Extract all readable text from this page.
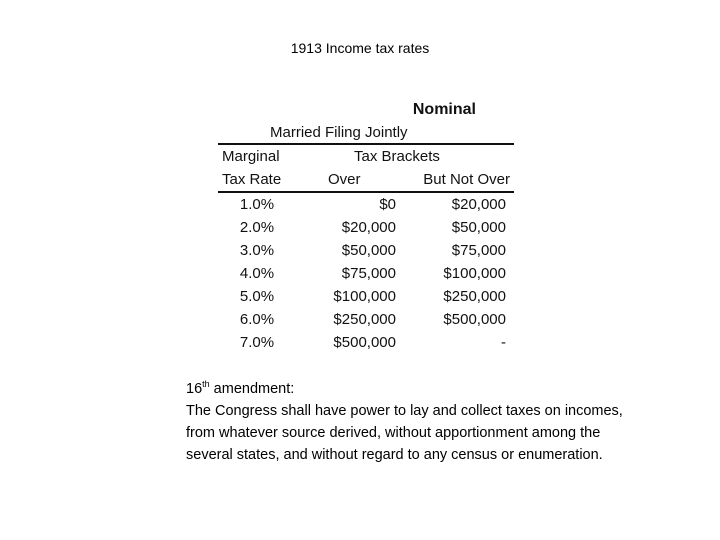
1913 Income tax rates
Nominal
Married Filing Jointly
Marginal	Tax Brackets
Tax Rate	Over	But Not Over
1.0%	$0	$20,000
2.0%	$20,000	$50,000
3.0%	$50,000	$75,000
4.0%	$75,000	$100,000
5.0%	$100,000	$250,000
6.0%	$250,000	$500,000
7.0%	$500,000	-
16th amendment:
The Congress shall have power to lay and collect taxes on incomes, from whatever source derived, without apportionment among the several states, and without regard to any census or enumeration.
